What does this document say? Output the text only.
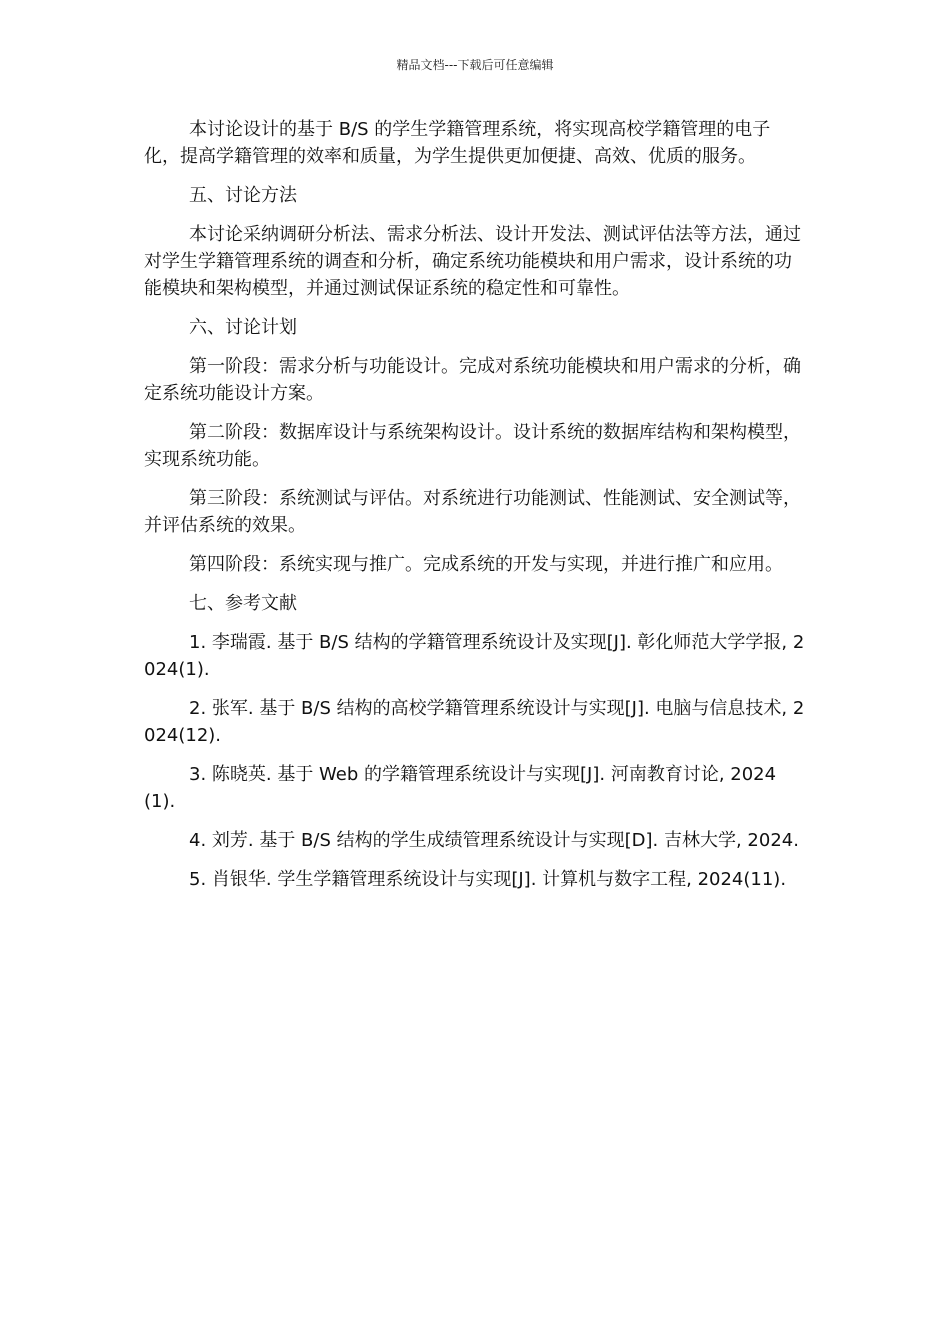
精品文档---下载后可任意编辑

本讨论设计的基于 B/S 的学生学籍管理系统，将实现高校学籍管理的电子化，提高学籍管理的效率和质量，为学生提供更加便捷、高效、优质的服务。

五、讨论方法

本讨论采纳调研分析法、需求分析法、设计开发法、测试评估法等方法，通过对学生学籍管理系统的调查和分析，确定系统功能模块和用户需求，设计系统的功能模块和架构模型，并通过测试保证系统的稳定性和可靠性。

六、讨论计划

第一阶段：需求分析与功能设计。完成对系统功能模块和用户需求的分析，确定系统功能设计方案。

第二阶段：数据库设计与系统架构设计。设计系统的数据库结构和架构模型，实现系统功能。

第三阶段：系统测试与评估。对系统进行功能测试、性能测试、安全测试等，并评估系统的效果。

第四阶段：系统实现与推广。完成系统的开发与实现，并进行推广和应用。

七、参考文献

1. 李瑞霞. 基于 B/S 结构的学籍管理系统设计及实现[J]. 彰化师范大学学报, 2024(1).

2. 张军. 基于 B/S 结构的高校学籍管理系统设计与实现[J]. 电脑与信息技术, 2024(12).

3. 陈晓英. 基于 Web 的学籍管理系统设计与实现[J]. 河南教育讨论, 2024(1).

4. 刘芳. 基于 B/S 结构的学生成绩管理系统设计与实现[D]. 吉林大学, 2024.

5. 肖银华. 学生学籍管理系统设计与实现[J]. 计算机与数字工程, 2024(11).
